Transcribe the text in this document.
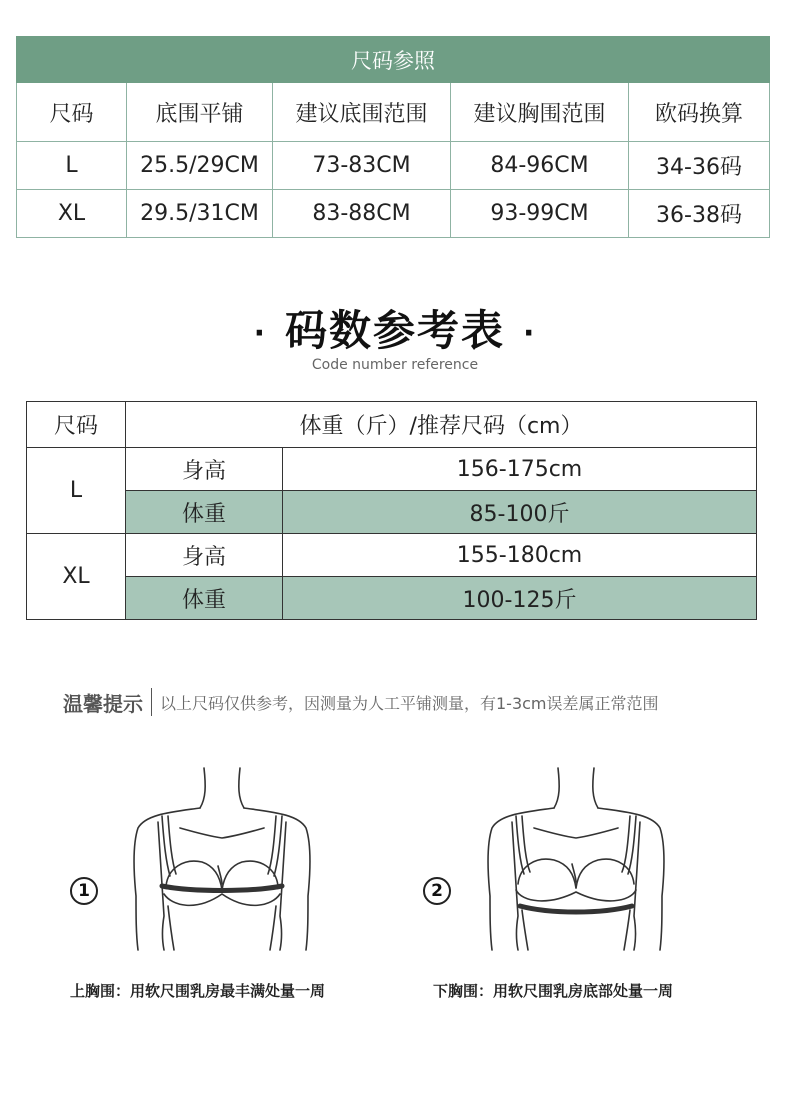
尺码参照				
尺码	底围平铺	建议底围范围	建议胸围范围	欧码换算
L	25.5/29CM	73-83CM	84-96CM	34-36码
XL	29.5/31CM	83-88CM	93-99CM	36-38码
· 码数参考表 ·
Code number reference
尺码	体重（斤）/推荐尺码（cm）	
L	身高	156-175cm
	体重	85-100斤
XL	身高	155-180cm
	体重	100-125斤
温馨提示 以上尺码仅供参考，因测量为人工平铺测量，有1-3cm误差属正常范围
1
上胸围：用软尺围乳房最丰满处量一周
2
下胸围：用软尺围乳房底部处量一周
